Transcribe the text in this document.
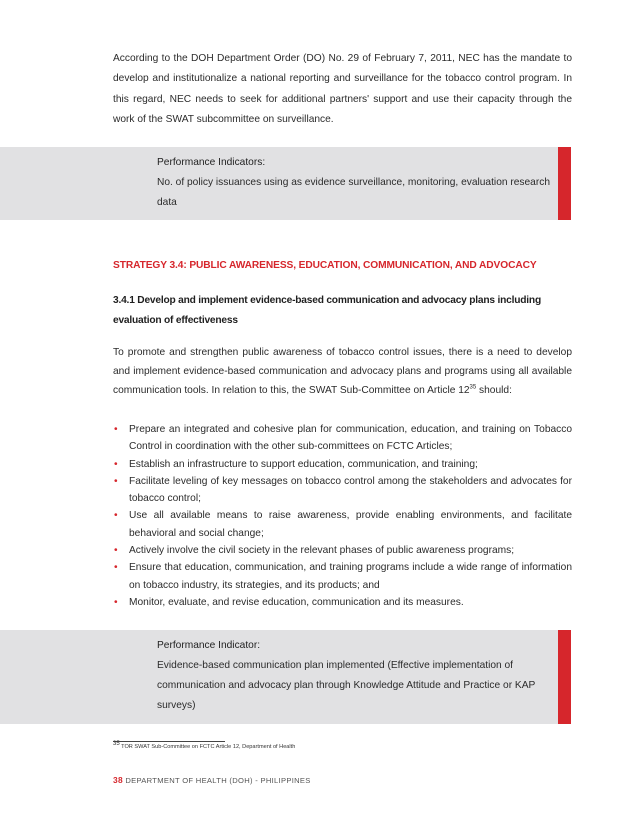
According to the DOH Department Order (DO) No. 29 of February 7, 2011, NEC has the mandate to develop and institutionalize a national reporting and surveillance for the tobacco control program. In this regard, NEC needs to seek for additional partners' support and use their capacity through the work of the SWAT subcommittee on surveillance.

Performance Indicators:

No. of policy issuances using as evidence surveillance, monitoring, evaluation research data

STRATEGY 3.4: PUBLIC AWARENESS, EDUCATION, COMMUNICATION, AND ADVOCACY

3.4.1 Develop and implement evidence-based communication and advocacy plans including evaluation of effectiveness

To promote and strengthen public awareness of tobacco control issues, there is a need to develop and implement evidence-based communication and advocacy plans and programs using all available communication tools. In relation to this, the SWAT Sub-Committee on Article $12^{35}$ should:

• Prepare an integrated and cohesive plan for communication, education, and training on Tobacco Control in coordination with the other sub-committees on FCTC Articles;
• Establish an infrastructure to support education, communication, and training;
• Facilitate leveling of key messages on tobacco control among the stakeholders and advocates for tobacco control;
• Use all available means to raise awareness, provide enabling environments, and facilitate behavioral and social change;
• Actively involve the civil society in the relevant phases of public awareness programs;
• Ensure that education, communication, and training programs include a wide range of information on tobacco industry, its strategies, and its products; and
• Monitor, evaluate, and revise education, communication and its measures.

Performance Indicator:

Evidence-based communication plan implemented (Effective implementation of communication and advocacy plan through Knowledge Attitude and Practice or KAP surveys)

$^{35}$ TOR SWAT Sub-Committee on FCTC Article 12, Department of Health

38 DEPARTMENT OF HEALTH (DOH) - PHILIPPINES
